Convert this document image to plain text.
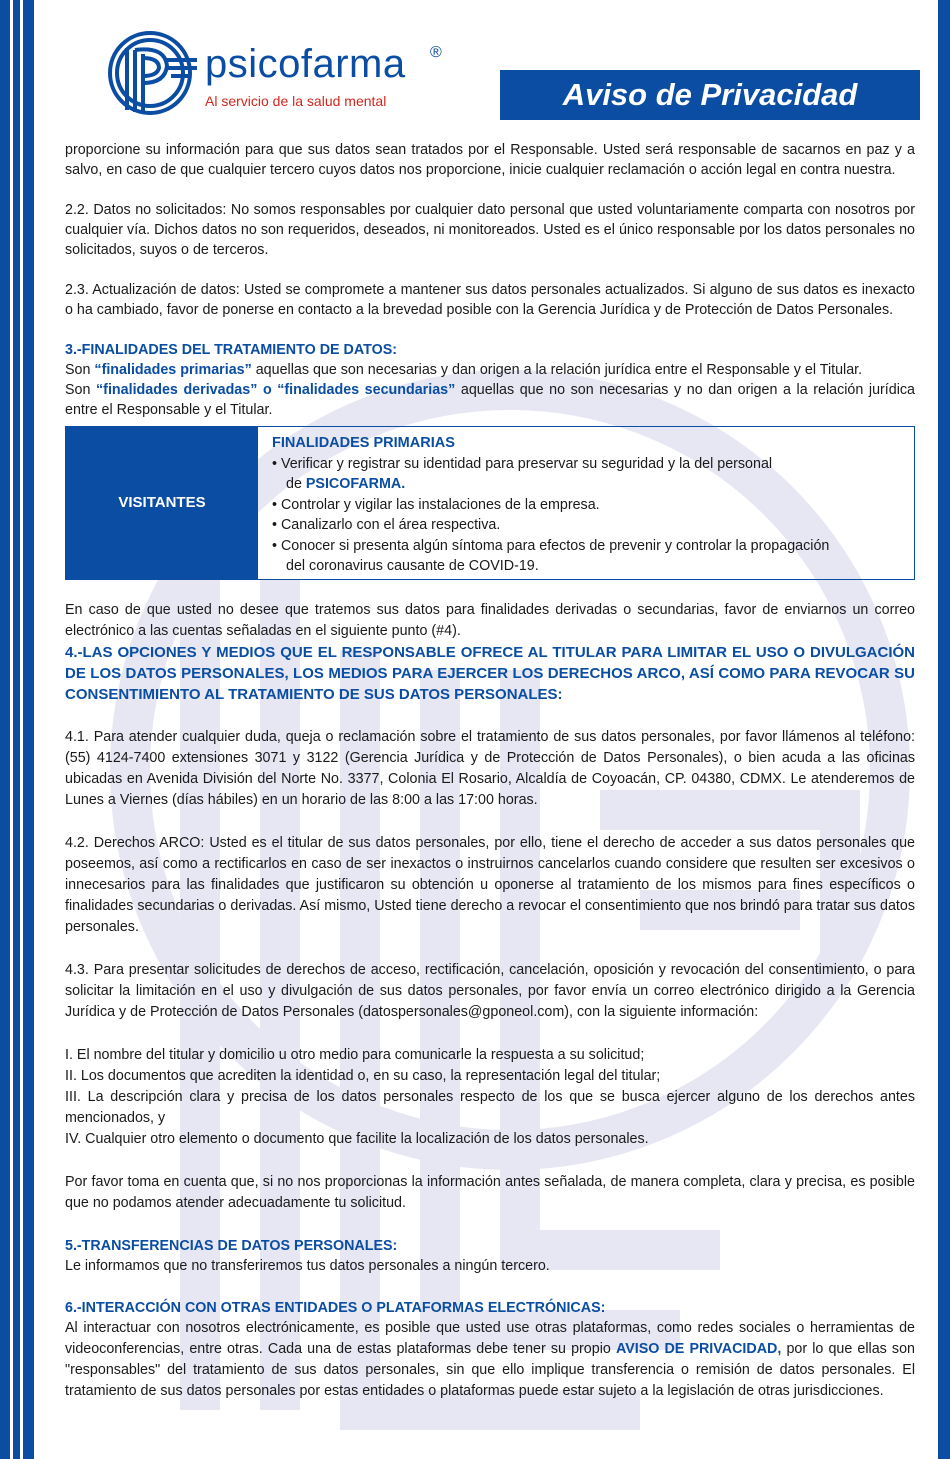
psicofarma ®
Al servicio de la salud mental	Aviso de Privacidad

proporcione su información para que sus datos sean tratados por el Responsable. Usted será responsable de sacarnos en paz y a salvo, en caso de que cualquier tercero cuyos datos nos proporcione, inicie cualquier reclamación o acción legal en contra nuestra.

2.2. Datos no solicitados: No somos responsables por cualquier dato personal que usted voluntariamente comparta con nosotros por cualquier vía. Dichos datos no son requeridos, deseados, ni monitoreados. Usted es el único responsable por los datos personales no solicitados, suyos o de terceros.

2.3. Actualización de datos: Usted se compromete a mantener sus datos personales actualizados. Si alguno de sus datos es inexacto o ha cambiado, favor de ponerse en contacto a la brevedad posible con la Gerencia Jurídica y de Protección de Datos Personales.

3.-FINALIDADES DEL TRATAMIENTO DE DATOS:

Son “finalidades primarias” aquellas que son necesarias y dan origen a la relación jurídica entre el Responsable y el Titular.

Son “finalidades derivadas” o “finalidades secundarias” aquellas que no son necesarias y no dan origen a la relación jurídica entre el Responsable y el Titular.

VISITANTES
FINALIDADES PRIMARIAS
• Verificar y registrar su identidad para preservar su seguridad y la del personal
de PSICOFARMA.
• Controlar y vigilar las instalaciones de la empresa.
• Canalizarlo con el área respectiva.
• Conocer si presenta algún síntoma para efectos de prevenir y controlar la propagación
del coronavirus causante de COVID-19.

En caso de que usted no desee que tratemos sus datos para finalidades derivadas o secundarias, favor de enviarnos un correo electrónico a las cuentas señaladas en el siguiente punto (#4).

4.-LAS OPCIONES Y MEDIOS QUE EL RESPONSABLE OFRECE AL TITULAR PARA LIMITAR EL USO O DIVULGACIÓN DE LOS DATOS PERSONALES, LOS MEDIOS PARA EJERCER LOS DERECHOS ARCO, ASÍ COMO PARA REVOCAR SU CONSENTIMIENTO AL TRATAMIENTO DE SUS DATOS PERSONALES:

4.1. Para atender cualquier duda, queja o reclamación sobre el tratamiento de sus datos personales, por favor llámenos al teléfono: (55) 4124-7400 extensiones 3071 y 3122 (Gerencia Jurídica y de Protección de Datos Personales), o bien acuda a las oficinas ubicadas en Avenida División del Norte No. 3377, Colonia El Rosario, Alcaldía de Coyoacán, CP. 04380, CDMX. Le atenderemos de Lunes a Viernes (días hábiles) en un horario de las 8:00 a las 17:00 horas.

4.2. Derechos ARCO: Usted es el titular de sus datos personales, por ello, tiene el derecho de acceder a sus datos personales que poseemos, así como a rectificarlos en caso de ser inexactos o instruirnos cancelarlos cuando considere que resulten ser excesivos o innecesarios para las finalidades que justificaron su obtención u oponerse al tratamiento de los mismos para fines específicos o finalidades secundarias o derivadas. Así mismo, Usted tiene derecho a revocar el consentimiento que nos brindó para tratar sus datos personales.

4.3. Para presentar solicitudes de derechos de acceso, rectificación, cancelación, oposición y revocación del consentimiento, o para solicitar la limitación en el uso y divulgación de sus datos personales, por favor envía un correo electrónico dirigido a la Gerencia Jurídica y de Protección de Datos Personales (datospersonales@gponeol.com), con la siguiente información:

I. El nombre del titular y domicilio u otro medio para comunicarle la respuesta a su solicitud;

II. Los documentos que acrediten la identidad o, en su caso, la representación legal del titular;

III. La descripción clara y precisa de los datos personales respecto de los que se busca ejercer alguno de los derechos antes mencionados, y

IV. Cualquier otro elemento o documento que facilite la localización de los datos personales.

Por favor toma en cuenta que, si no nos proporcionas la información antes señalada, de manera completa, clara y precisa, es posible que no podamos atender adecuadamente tu solicitud.

5.-TRANSFERENCIAS DE DATOS PERSONALES:

Le informamos que no transferiremos tus datos personales a ningún tercero.

6.-INTERACCIÓN CON OTRAS ENTIDADES O PLATAFORMAS ELECTRÓNICAS:

Al interactuar con nosotros electrónicamente, es posible que usted use otras plataformas, como redes sociales o herramientas de videoconferencias, entre otras. Cada una de estas plataformas debe tener su propio AVISO DE PRIVACIDAD, por lo que ellas son "responsables" del tratamiento de sus datos personales, sin que ello implique transferencia o remisión de datos personales. El tratamiento de sus datos personales por estas entidades o plataformas puede estar sujeto a la legislación de otras jurisdicciones.
